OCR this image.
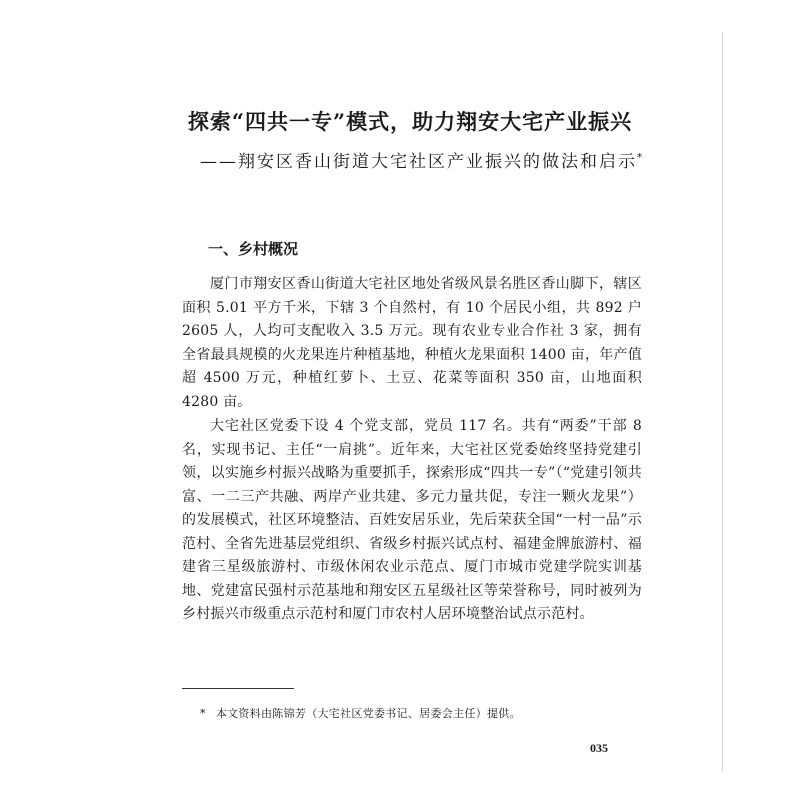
探索“四共一专”模式，助力翔安大宅产业振兴
——翔安区香山街道大宅社区产业振兴的做法和启示*
一、乡村概况

厦门市翔安区香山街道大宅社区地处省级风景名胜区香山脚下，辖区面积 5.01 平方千米，下辖 3 个自然村，有 10 个居民小组，共 892 户 2605 人，人均可支配收入 3.5 万元。现有农业专业合作社 3 家，拥有全省最具规模的火龙果连片种植基地，种植火龙果面积 1400 亩，年产值超 4500 万元，种植红萝卜、土豆、花菜等面积 350 亩，山地面积 4280 亩。

大宅社区党委下设 4 个党支部，党员 117 名。共有“两委”干部 8 名，实现书记、主任“一肩挑”。近年来，大宅社区党委始终坚持党建引领，以实施乡村振兴战略为重要抓手，探索形成“四共一专”（“党建引领共富、一二三产共融、两岸产业共建、多元力量共促，专注一颗火龙果”）的发展模式，社区环境整洁、百姓安居乐业，先后荣获全国“一村一品”示范村、全省先进基层党组织、省级乡村振兴试点村、福建金牌旅游村、福建省三星级旅游村、市级休闲农业示范点、厦门市城市党建学院实训基地、党建富民强村示范基地和翔安区五星级社区等荣誉称号，同时被列为乡村振兴市级重点示范村和厦门市农村人居环境整治试点示范村。

* 本文资料由陈锦芳（大宅社区党委书记、居委会主任）提供。
035
